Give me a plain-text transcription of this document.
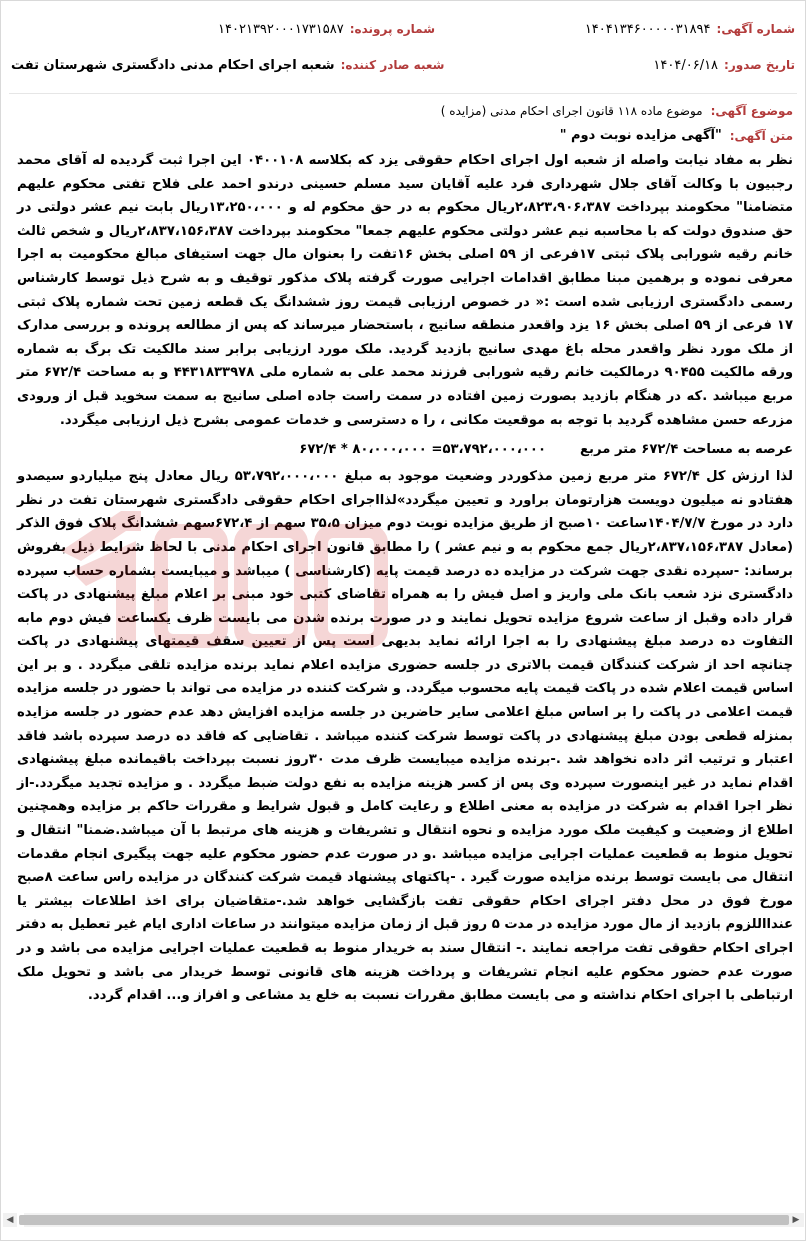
شماره آگهی:
۱۴۰۴۱۳۴۶۰۰۰۰۰۳۱۸۹۴
شماره پرونده:
۱۴۰۲۱۳۹۲۰۰۰۱۷۳۱۵۸۷
تاریخ صدور:
۱۴۰۴/۰۶/۱۸
شعبه صادر کننده:
شعبه اجرای احکام مدنی دادگستری شهرستان تفت
موضوع آگهی:
موضوع ماده ۱۱۸ قانون اجرای احکام مدنی (مزایده )
متن آگهی:
"آگهی مزایده نوبت دوم "

نظر به مفاد نیابت واصله از شعبه اول اجرای احکام حقوقی یزد که بکلاسه ۰۴۰۰۱۰۸ این اجرا ثبت گردیده له آقای محمد رجبیون با وکالت آقای جلال شهرداری فرد علیه آقایان سید مسلم حسینی درندو احمد علی فلاح تفتی محکوم علیهم متضامنا" محکومند بپرداخت ۲،۸۲۳،۹۰۶،۳۸۷ریال محکوم به در حق محکوم له و ۱۳،۲۵۰،۰۰۰ریال بابت نیم عشر دولتی در حق صندوق دولت که با محاسبه نیم عشر دولتی محکوم علیهم جمعا" محکومند بپرداخت ۲،۸۳۷،۱۵۶،۳۸۷ریال و شخص ثالث خانم رقیه شورابی پلاک ثبتی ۱۷فرعی از ۵۹ اصلی بخش ۱۶تفت را بعنوان مال جهت استیفای مبالغ محکومیت به اجرا معرفی نموده و برهمین مبنا مطابق اقدامات اجرایی صورت گرفته پلاک مذکور توقیف و به شرح ذیل توسط کارشناس رسمی دادگستری ارزیابی شده است :« در خصوص ارزیابی قیمت روز ششدانگ یک قطعه زمین تحت شماره پلاک ثبتی ۱۷ فرعی از ۵۹ اصلی بخش ۱۶ یزد واقعدر منطقه سانیج ، باستحضار میرساند که پس از مطالعه پرونده و بررسی مدارک از ملک مورد نظر واقعدر محله باغ مهدی سانیج بازدید گردید. ملک مورد ارزیابی برابر سند مالکیت تک برگ به شماره ورقه مالکیت ۹۰۴۵۵ درمالکیت خانم رقیه شورابی فرزند محمد علی به شماره ملی ۴۴۳۱۸۳۳۹۷۸ و به مساحت ۶۷۲/۴ متر مربع میباشد .که در هنگام بازدید بصورت زمین افتاده در سمت راست جاده اصلی سانیج به سمت سخوید قبل از ورودی مزرعه حسن مشاهده گردید با توجه به موقعیت مکانی ، را ه دسترسی و خدمات عمومی بشرح ذیل ارزیابی میگردد.

عرصه به مساحت ۶۷۲/۴ متر مربع
۵۳،۷۹۲،۰۰۰،۰۰۰= ۸۰،۰۰۰،۰۰۰ * ۶۷۲/۴

لذا ارزش کل ۶۷۲/۴ متر مربع زمین مذکوردر وضعیت موجود به مبلغ ۵۳،۷۹۲،۰۰۰،۰۰۰ ریال معادل پنج میلیاردو سیصدو هفتادو نه میلیون دویست هزارتومان براورد و تعیین میگردد»لذااجرای احکام حقوقی دادگستری شهرستان تفت در نظر دارد در مورخ ۱۴۰۴/۷/۷ساعت ۱۰صبح از طریق مزایده نوبت دوم میزان ۳۵،۵ سهم از ۶۷۲،۴سهم ششدانگ پلاک فوق الذکر (معادل ۲،۸۳۷،۱۵۶،۳۸۷ریال جمع محکوم به و نیم عشر ) را مطابق قانون اجرای احکام مدنی با لحاظ شرایط ذیل بفروش برساند: -سپرده نقدی جهت شرکت در مزایده ده درصد قیمت پایه (کارشناسی ) میباشد و میبایست بشماره حساب سپرده دادگستری نزد شعب بانک ملی واریز و اصل فیش را به همراه تقاضای کتبی خود مبنی بر اعلام مبلغ پیشنهادی در پاکت قرار داده وقبل از ساعت شروع مزایده تحویل نمایند و در صورت برنده شدن می بایست ظرف یکساعت فیش دوم مابه التفاوت ده درصد مبلغ پیشنهادی را به اجرا ارائه نماید بدیهی است پس از تعیین سقف قیمتهای پیشنهادی در پاکت چنانچه احد از شرکت کنندگان قیمت بالاتری در جلسه حضوری مزایده اعلام نماید برنده مزایده تلقی میگردد . و بر این اساس قیمت اعلام شده در پاکت قیمت پایه محسوب میگردد. و شرکت کننده در مزایده می تواند با حضور در جلسه مزایده قیمت اعلامی در پاکت را بر اساس مبلغ اعلامی سایر حاضرین در جلسه مزایده افزایش دهد عدم حضور در جلسه مزایده بمنزله قطعی بودن مبلغ پیشنهادی در پاکت توسط شرکت کننده میباشد . تقاضایی که فاقد ده درصد سپرده باشد فاقد اعتبار و ترتیب اثر داده نخواهد شد .-برنده مزایده میبایست ظرف مدت ۳۰روز نسبت بپرداخت باقیمانده مبلغ پیشنهادی اقدام نماید در غیر اینصورت سپرده وی پس از کسر هزینه مزایده به نفع دولت ضبط میگردد . و مزایده تجدید میگردد.-از نظر اجرا اقدام به شرکت در مزایده به معنی اطلاع و رعایت کامل و قبول شرایط و مقررات حاکم بر مزایده وهمچنین اطلاع از وضعیت و کیفیت ملک مورد مزایده و نحوه انتقال و تشریفات و هزینه های مرتبط با آن میباشد.ضمنا" انتقال و تحویل منوط به قطعیت عملیات اجرایی مزایده میباشد .و در صورت عدم حضور محکوم علیه جهت پیگیری انجام مقدمات انتقال می بایست توسط برنده مزایده صورت گیرد . -پاکتهای پیشنهاد قیمت شرکت کنندگان در مزایده راس ساعت ۸صبح مورخ فوق در محل دفتر اجرای احکام حقوقی تفت بازگشایی خواهد شد.-متقاضیان برای اخذ اطلاعات بیشتر یا عندااللزوم بازدید از مال مورد مزایده در مدت ۵ روز قبل از زمان مزایده میتوانند در ساعات اداری ایام غیر تعطیل به دفتر اجرای احکام حقوقی تفت مراجعه نمایند .- انتقال سند به خریدار منوط به قطعیت عملیات اجرایی مزایده می باشد و در صورت عدم حضور محکوم علیه انجام تشریفات و پرداخت هزینه های قانونی توسط خریدار می باشد و تحویل ملک ارتباطی با اجرای احکام نداشته و می بایست مطابق مقررات نسبت به خلع ید مشاعی و افراز و... اقدام گردد.

◀	▶
